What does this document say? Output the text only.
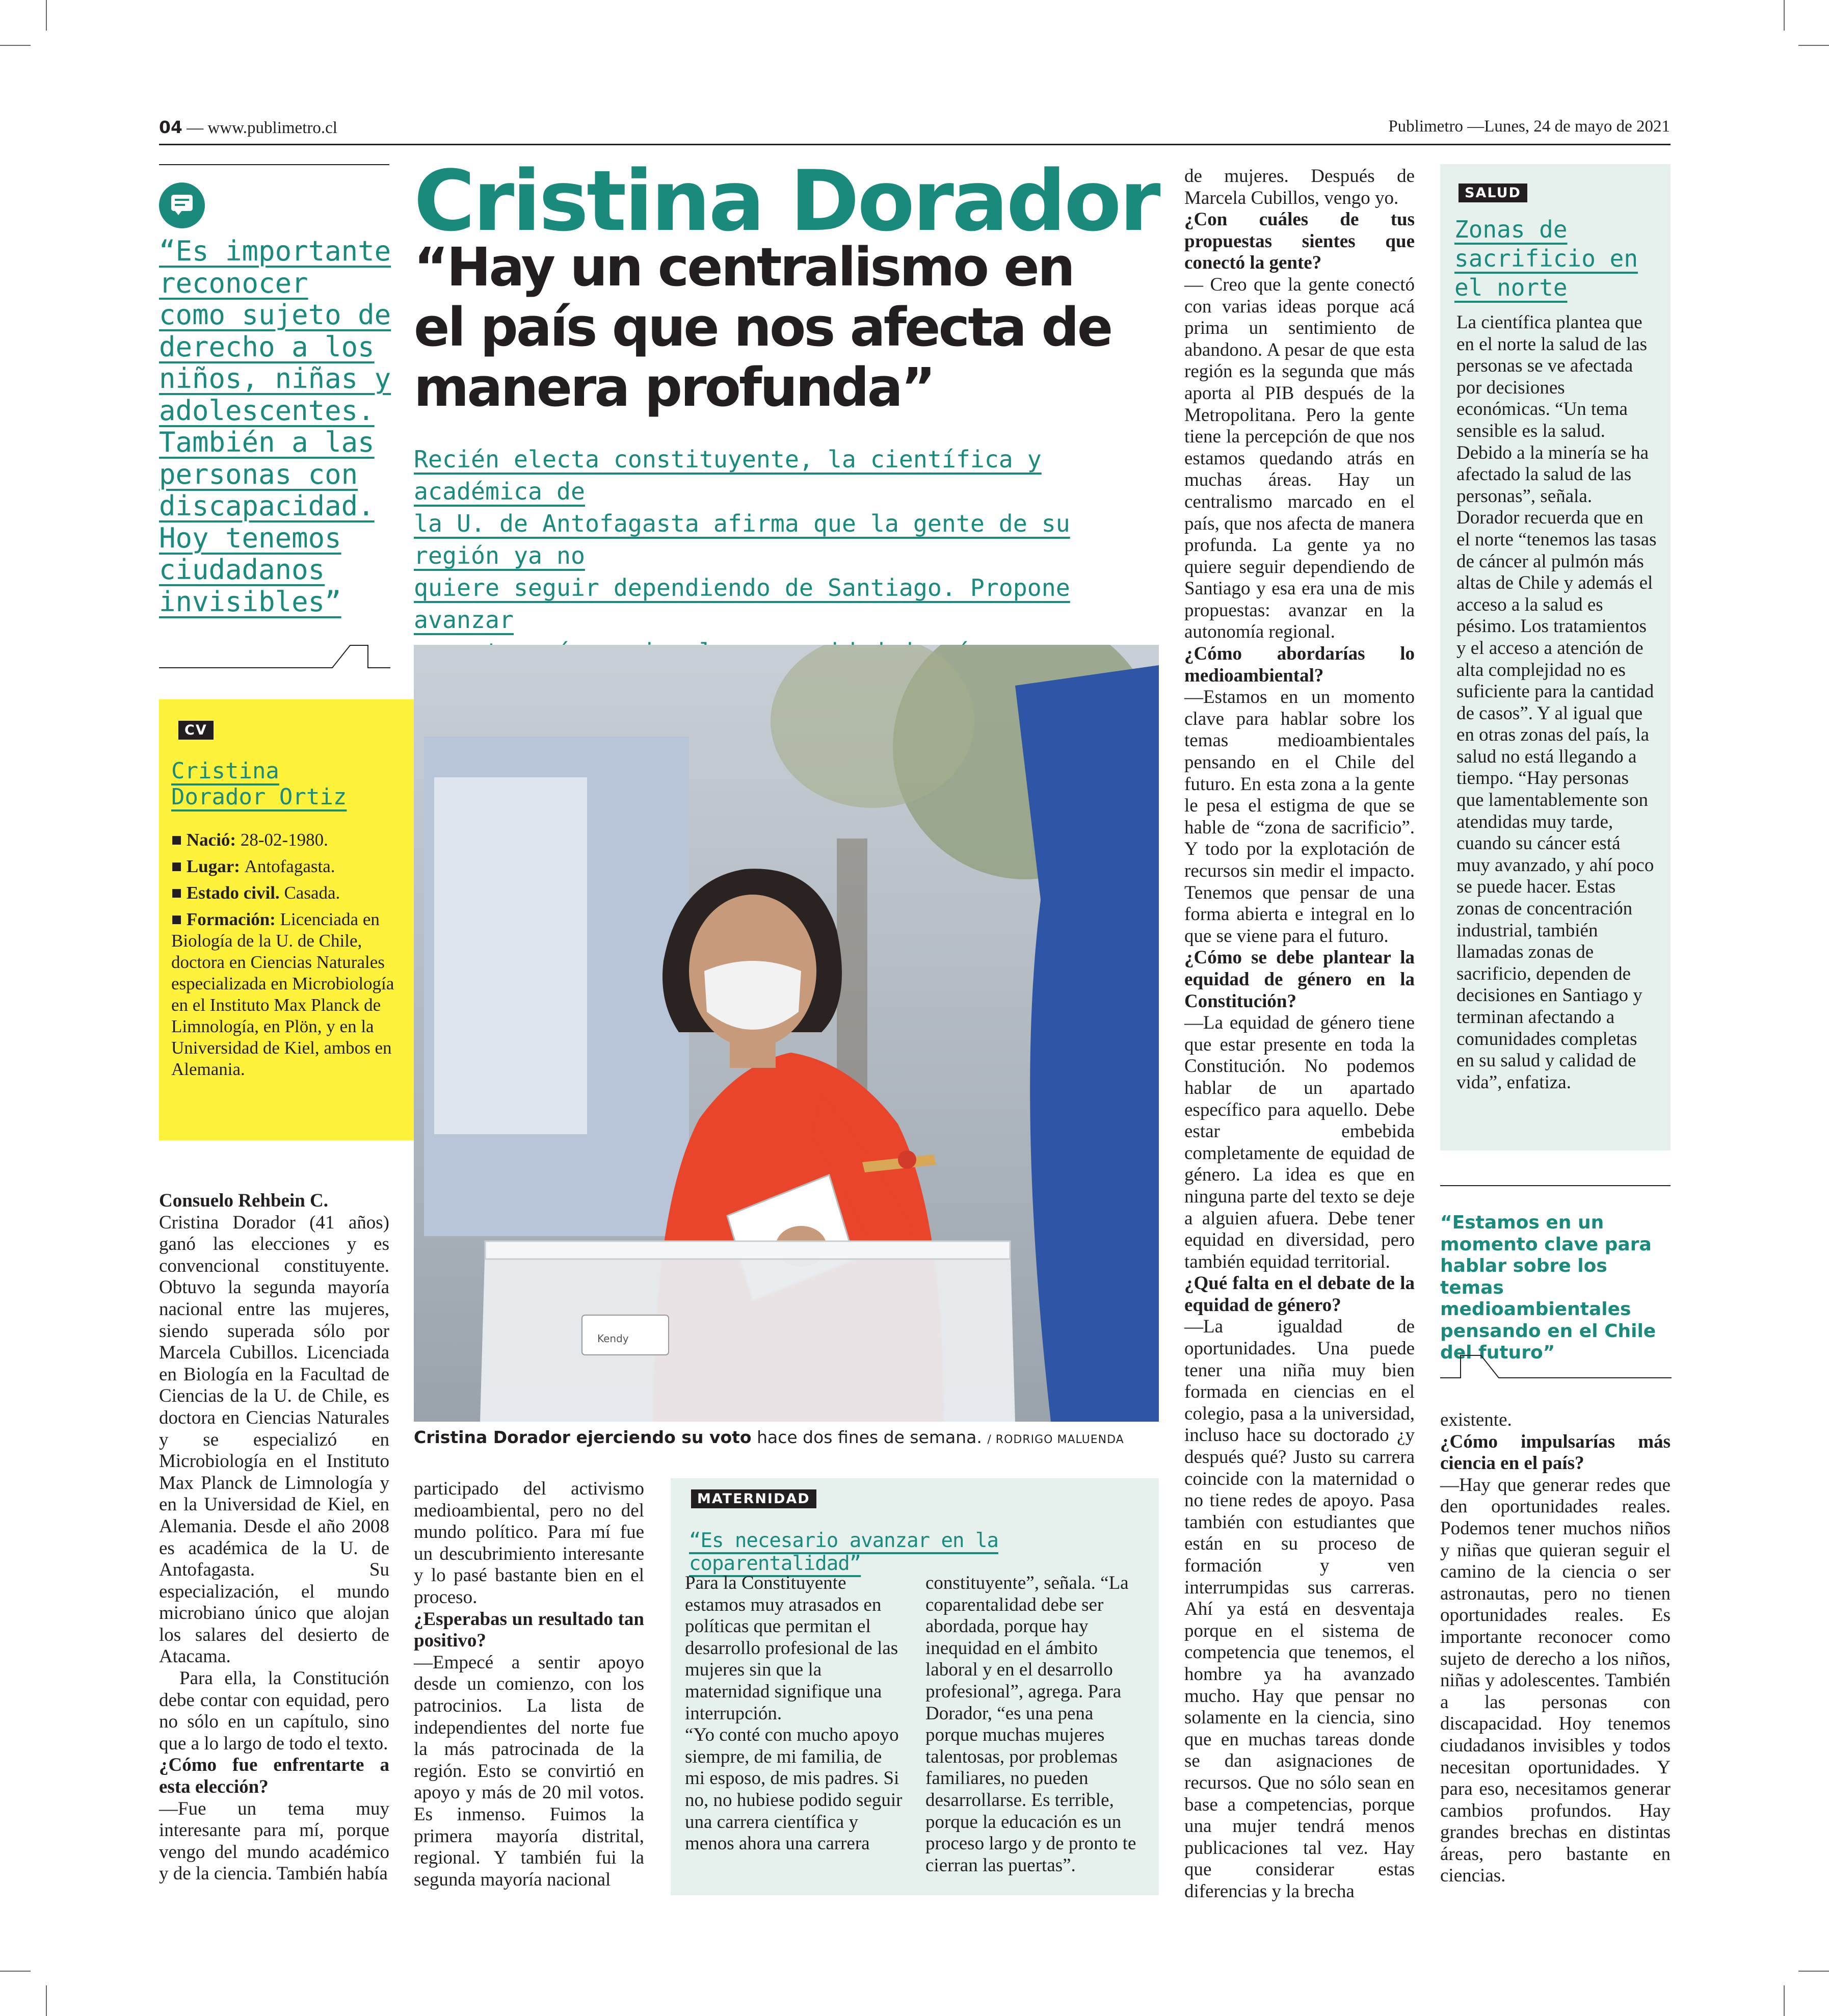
04 — www.publimetro.cl	Publimetro —Lunes, 24 de mayo de 2021
“Es importante
reconocer
como sujeto de
derecho a los
niños, niñas y
adolescentes.
También a las
personas con
discapacidad.
Hoy tenemos
ciudadanos
invisibles”
Cristina Dorador
“Hay un centralismo en
el país que nos afecta de
manera profunda”
Recién electa constituyente, la científica y académica de
la U. de Antofagasta afirma que la gente de su región ya no
quiere seguir dependiendo de Santiago. Propone avanzar
Kendy
Cristina Dorador ejerciendo su voto hace dos fines de semana. / RODRIGO MALUENDA
CV
Cristina
Dorador Ortiz
■ Nació: 28-02-1980.
■ Lugar: Antofagasta.
■ Estado civil. Casada.
■ Formación: Licenciada en Biología de la U. de Chile, doctora en Ciencias Naturales especializada en Microbiología en el Instituto Max Planck de Limnología, en Plön, y en la Universidad de Kiel, ambos en Alemania.
Consuelo Rehbein C.
Cristina Dorador (41 años) ganó las elecciones y es convencional constituyente. Obtuvo la segunda mayoría nacional entre las mujeres, siendo superada sólo por Marcela Cubillos. Licenciada en Biología en la Facultad de Ciencias de la U. de Chile, es doctora en Ciencias Naturales y se especializó en Microbiología en el Instituto Max Planck de Limnología y en la Universidad de Kiel, en Alemania. Desde el año 2008 es académica de la U. de Antofagasta. Su especialización, el mundo microbiano único que alojan los salares del desierto de Atacama.
Para ella, la Constitución debe contar con equidad, pero no sólo en un capítulo, sino que a lo largo de todo el texto.
¿Cómo fue enfrentarte a esta elección?
—Fue un tema muy interesante para mí, porque vengo del mundo académico y de la ciencia. También había
participado del activismo medioambiental, pero no del mundo político. Para mí fue un descubrimiento interesante y lo pasé bastante bien en el proceso.
¿Esperabas un resultado tan positivo?
—Empecé a sentir apoyo desde un comienzo, con los patrocinios. La lista de independientes del norte fue la más patrocinada de la región. Esto se convirtió en apoyo y más de 20 mil votos. Es inmenso. Fuimos la primera mayoría distrital, regional. Y también fui la segunda mayoría nacional
MATERNIDAD
“Es necesario avanzar en la coparentalidad”
Para la Constituyente estamos muy atrasados en políticas que permitan el desarrollo profesional de las mujeres sin que la maternidad signifique una interrupción.
“Yo conté con mucho apoyo siempre, de mi familia, de mi esposo, de mis padres. Si no, no hubiese podido seguir una carrera científica y menos ahora una carrera
constituyente”, señala. “La coparentalidad debe ser abordada, porque hay inequidad en el ámbito laboral y en el desarrollo profesional”, agrega. Para Dorador, “es una pena porque muchas mujeres talentosas, por problemas familiares, no pueden desarrollarse. Es terrible, porque la educación es un proceso largo y de pronto te cierran las puertas”.
de mujeres. Después de Marcela Cubillos, vengo yo.
¿Con cuáles de tus propuestas sientes que conectó la gente?
— Creo que la gente conectó con varias ideas porque acá prima un sentimiento de abandono. A pesar de que esta región es la segunda que más aporta al PIB después de la Metropolitana. Pero la gente tiene la percepción de que nos estamos quedando atrás en muchas áreas. Hay un centralismo marcado en el país, que nos afecta de manera profunda. La gente ya no quiere seguir dependiendo de Santiago y esa era una de mis propuestas: avanzar en la autonomía regional.
¿Cómo abordarías lo medioambiental?
—Estamos en un momento clave para hablar sobre los temas medioambientales pensando en el Chile del futuro. En esta zona a la gente le pesa el estigma de que se hable de “zona de sacrificio”. Y todo por la explotación de recursos sin medir el impacto. Tenemos que pensar de una forma abierta e integral en lo que se viene para el futuro.
¿Cómo se debe plantear la equidad de género en la Constitución?
—La equidad de género tiene que estar presente en toda la Constitución. No podemos hablar de un apartado específico para aquello. Debe estar embebida completamente de equidad de género. La idea es que en ninguna parte del texto se deje a alguien afuera. Debe tener equidad en diversidad, pero también equidad territorial.
¿Qué falta en el debate de la equidad de género?
—La igualdad de oportunidades. Una puede tener una niña muy bien formada en ciencias en el colegio, pasa a la universidad, incluso hace su doctorado ¿y después qué? Justo su carrera coincide con la maternidad o no tiene redes de apoyo. Pasa también con estudiantes que están en su proceso de formación y ven interrumpidas sus carreras. Ahí ya está en desventaja porque en el sistema de competencia que tenemos, el hombre ya ha avanzado mucho. Hay que pensar no solamente en la ciencia, sino que en muchas tareas donde se dan asignaciones de recursos. Que no sólo sean en base a competencias, porque una mujer tendrá menos publicaciones tal vez. Hay que considerar estas diferencias y la brecha
SALUD
Zonas de
sacrificio en
el norte
La científica plantea que en el norte la salud de las personas se ve afectada por decisiones económicas. “Un tema sensible es la salud. Debido a la minería se ha afectado la salud de las personas”, señala. Dorador recuerda que en el norte “tenemos las tasas de cáncer al pulmón más altas de Chile y además el acceso a la salud es pésimo. Los tratamientos y el acceso a atención de alta complejidad no es suficiente para la cantidad de casos”. Y al igual que en otras zonas del país, la salud no está llegando a tiempo. “Hay personas que lamentablemente son atendidas muy tarde, cuando su cáncer está muy avanzado, y ahí poco se puede hacer. Estas zonas de concentración industrial, también llamadas zonas de sacrificio, dependen de decisiones en Santiago y terminan afectando a comunidades completas en su salud y calidad de vida”, enfatiza.
“Estamos en un momento clave para hablar sobre los temas medioambientales pensando en el Chile del futuro”
existente.
¿Cómo impulsarías más ciencia en el país?
—Hay que generar redes que den oportunidades reales. Podemos tener muchos niños y niñas que quieran seguir el camino de la ciencia o ser astronautas, pero no tienen oportunidades reales. Es importante reconocer como sujeto de derecho a los niños, niñas y adolescentes. También a las personas con discapacidad. Hoy tenemos ciudadanos invisibles y todos necesitan oportunidades. Y para eso, necesitamos generar cambios profundos. Hay grandes brechas en distintas áreas, pero bastante en ciencias.
